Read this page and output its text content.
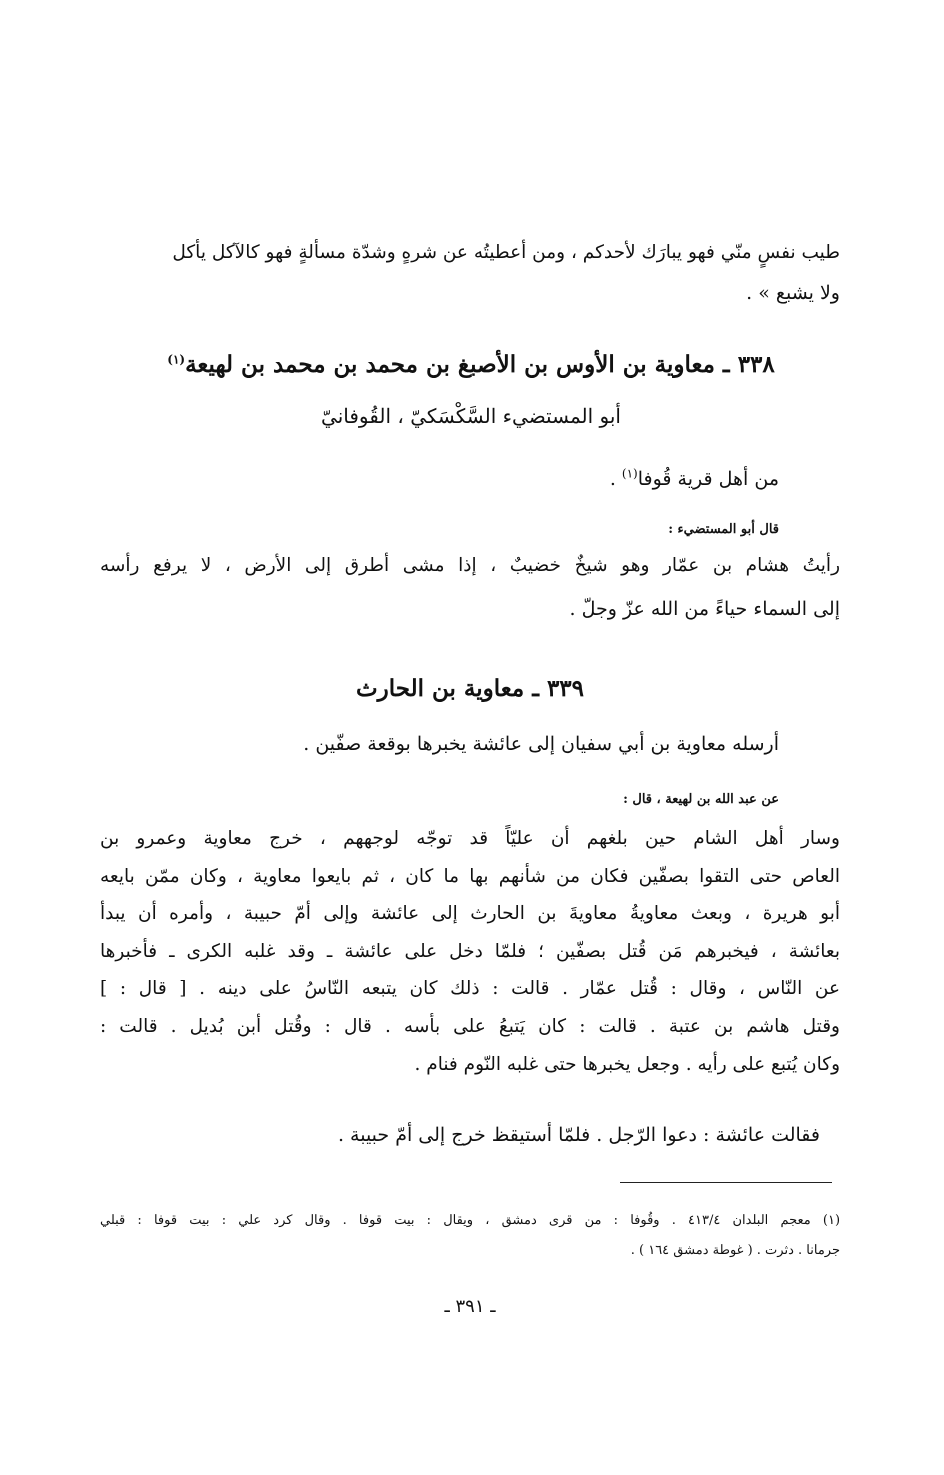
طيب نفسٍ منّي فهو يبارَك لأحدكم ، ومن أعطيتُه عن شرهٍ وشدّة مسألةٍ فهو كالآكل يأكل

ولا يشبع » .

٣٣٨ ـ معاوية بن الأوس بن الأصبغ بن محمد بن محمد بن لهيعة$^{(١)}$

أبو المستضيء السَّكْسَكيّ ، القُوفانيّ

من أهل قرية قُوفا$^{(١)}$ .

قال أبو المستضيء :

رأيتُ هشام بن عمّار وهو شيخٌ خضيبٌ ، إذا مشى أطرق إلى الأرض ، لا يرفع رأسه

إلى السماء حياءً من الله عزّ وجلّ .

٣٣٩ ـ معاوية بن الحارث

أرسله معاوية بن أبي سفيان إلى عائشة يخبرها بوقعة صفّين .

عن عبد الله بن لهيعة ، قال :

وسار أهل الشام حين بلغهم أن عليّاً قد توجّه لوجههم ، خرج معاوية وعمرو بن
العاص حتى التقوا بصفّين فكان من شأنهم بها ما كان ، ثم بايعوا معاوية ، وكان ممّن بايعه
أبو هريرة ، وبعث معاويةُ معاويةَ بن الحارث إلى عائشة وإلى أمّ حبيبة ، وأمره أن يبدأ
بعائشة ، فيخبرهم مَن قُتل بصفّين ؛ فلمّا دخل على عائشة ـ وقد غلبه الكرى ـ فأخبرها
عن النّاس ، وقال : قُتل عمّار . قالت : ذلك كان يتبعه النّاسُ على دينه . [ قال : ]
وقتل هاشم بن عتبة . قالت : كان يَتبعُ على بأسه . قال : وقُتل أبن بُديل . قالت :
وكان يُتبع على رأيه . وجعل يخبرها حتى غلبه النّوم فنام .

فقالت عائشة : دعوا الرّجل . فلمّا أستيقظ خرج إلى أمّ حبيبة .

(١) معجم البلدان ٤١٣/٤ . وقُوفا : من قرى دمشق ، ويقال : بيت قوفا . وقال كرد علي : بيت قوفا : قبلي

جرمانا . دثرت . ( غوطة دمشق ١٦٤ ) .

ـ ٣٩١ ـ
